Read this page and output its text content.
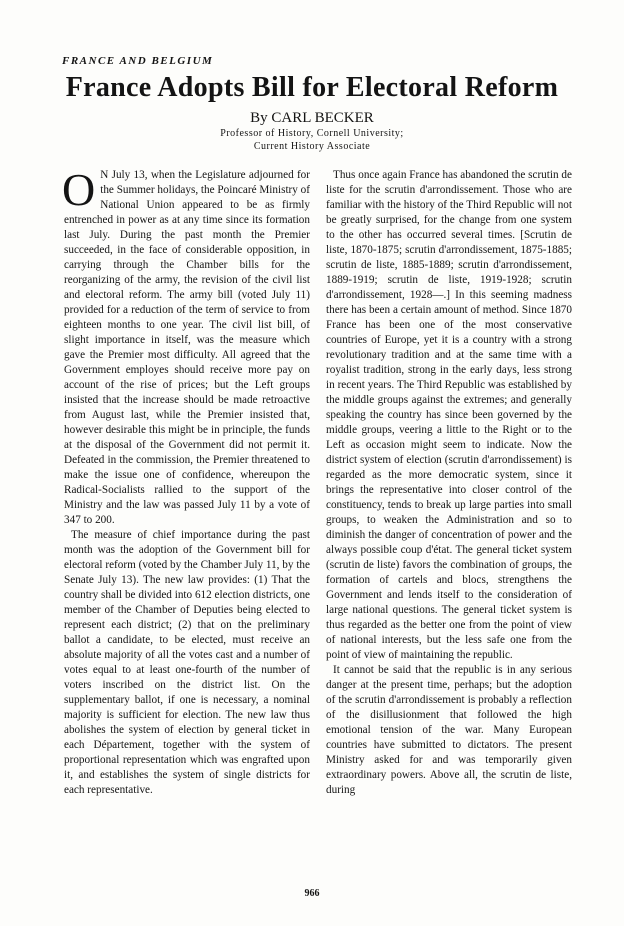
FRANCE AND BELGIUM
France Adopts Bill for Electoral Reform
By CARL BECKER
Professor of History, Cornell University;
Current History Associate

O N July 13, when the Legislature adjourned for the Summer holidays, the Poincaré Ministry of National Union appeared to be as firmly entrenched in power as at any time since its formation last July. During the past month the Premier succeeded, in the face of considerable opposition, in carrying through the Chamber bills for the reorganizing of the army, the revision of the civil list and electoral reform. The army bill (voted July 11) provided for a reduction of the term of service to from eighteen months to one year. The civil list bill, of slight importance in itself, was the measure which gave the Premier most difficulty. All agreed that the Government employes should receive more pay on account of the rise of prices; but the Left groups insisted that the increase should be made retroactive from August last, while the Premier insisted that, however desirable this might be in principle, the funds at the disposal of the Government did not permit it. Defeated in the commission, the Premier threatened to make the issue one of confidence, whereupon the Radical-Socialists rallied to the support of the Ministry and the law was passed July 11 by a vote of 347 to 200.

The measure of chief importance during the past month was the adoption of the Government bill for electoral reform (voted by the Chamber July 11, by the Senate July 13). The new law provides: (1) That the country shall be divided into 612 election districts, one member of the Chamber of Deputies being elected to represent each district; (2) that on the preliminary ballot a candidate, to be elected, must receive an absolute majority of all the votes cast and a number of votes equal to at least one-fourth of the number of voters inscribed on the district list. On the supplementary ballot, if one is necessary, a nominal majority is sufficient for election. The new law thus abolishes the system of election by general ticket in each Département, together with the system of proportional representation which was engrafted upon it, and establishes the system of single districts for each representative.

Thus once again France has abandoned the scrutin de liste for the scrutin d'arrondissement. Those who are familiar with the history of the Third Republic will not be greatly surprised, for the change from one system to the other has occurred several times. [Scrutin de liste, 1870-1875; scrutin d'arrondissement, 1875-1885; scrutin de liste, 1885-1889; scrutin d'arrondissement, 1889-1919; scrutin de liste, 1919-1928; scrutin d'arrondissement, 1928—.] In this seeming madness there has been a certain amount of method. Since 1870 France has been one of the most conservative countries of Europe, yet it is a country with a strong revolutionary tradition and at the same time with a royalist tradition, strong in the early days, less strong in recent years. The Third Republic was established by the middle groups against the extremes; and generally speaking the country has since been governed by the middle groups, veering a little to the Right or to the Left as occasion might seem to indicate. Now the district system of election (scrutin d'arrondissement) is regarded as the more democratic system, since it brings the representative into closer control of the constituency, tends to break up large parties into small groups, to weaken the Administration and so to diminish the danger of concentration of power and the always possible coup d'état. The general ticket system (scrutin de liste) favors the combination of groups, the formation of cartels and blocs, strengthens the Government and lends itself to the consideration of large national questions. The general ticket system is thus regarded as the better one from the point of view of national interests, but the less safe one from the point of view of maintaining the republic.

It cannot be said that the republic is in any serious danger at the present time, perhaps; but the adoption of the scrutin d'arrondissement is probably a reflection of the disillusionment that followed the high emotional tension of the war. Many European countries have submitted to dictators. The present Ministry asked for and was temporarily given extraordinary powers. Above all, the scrutin de liste, during

966
